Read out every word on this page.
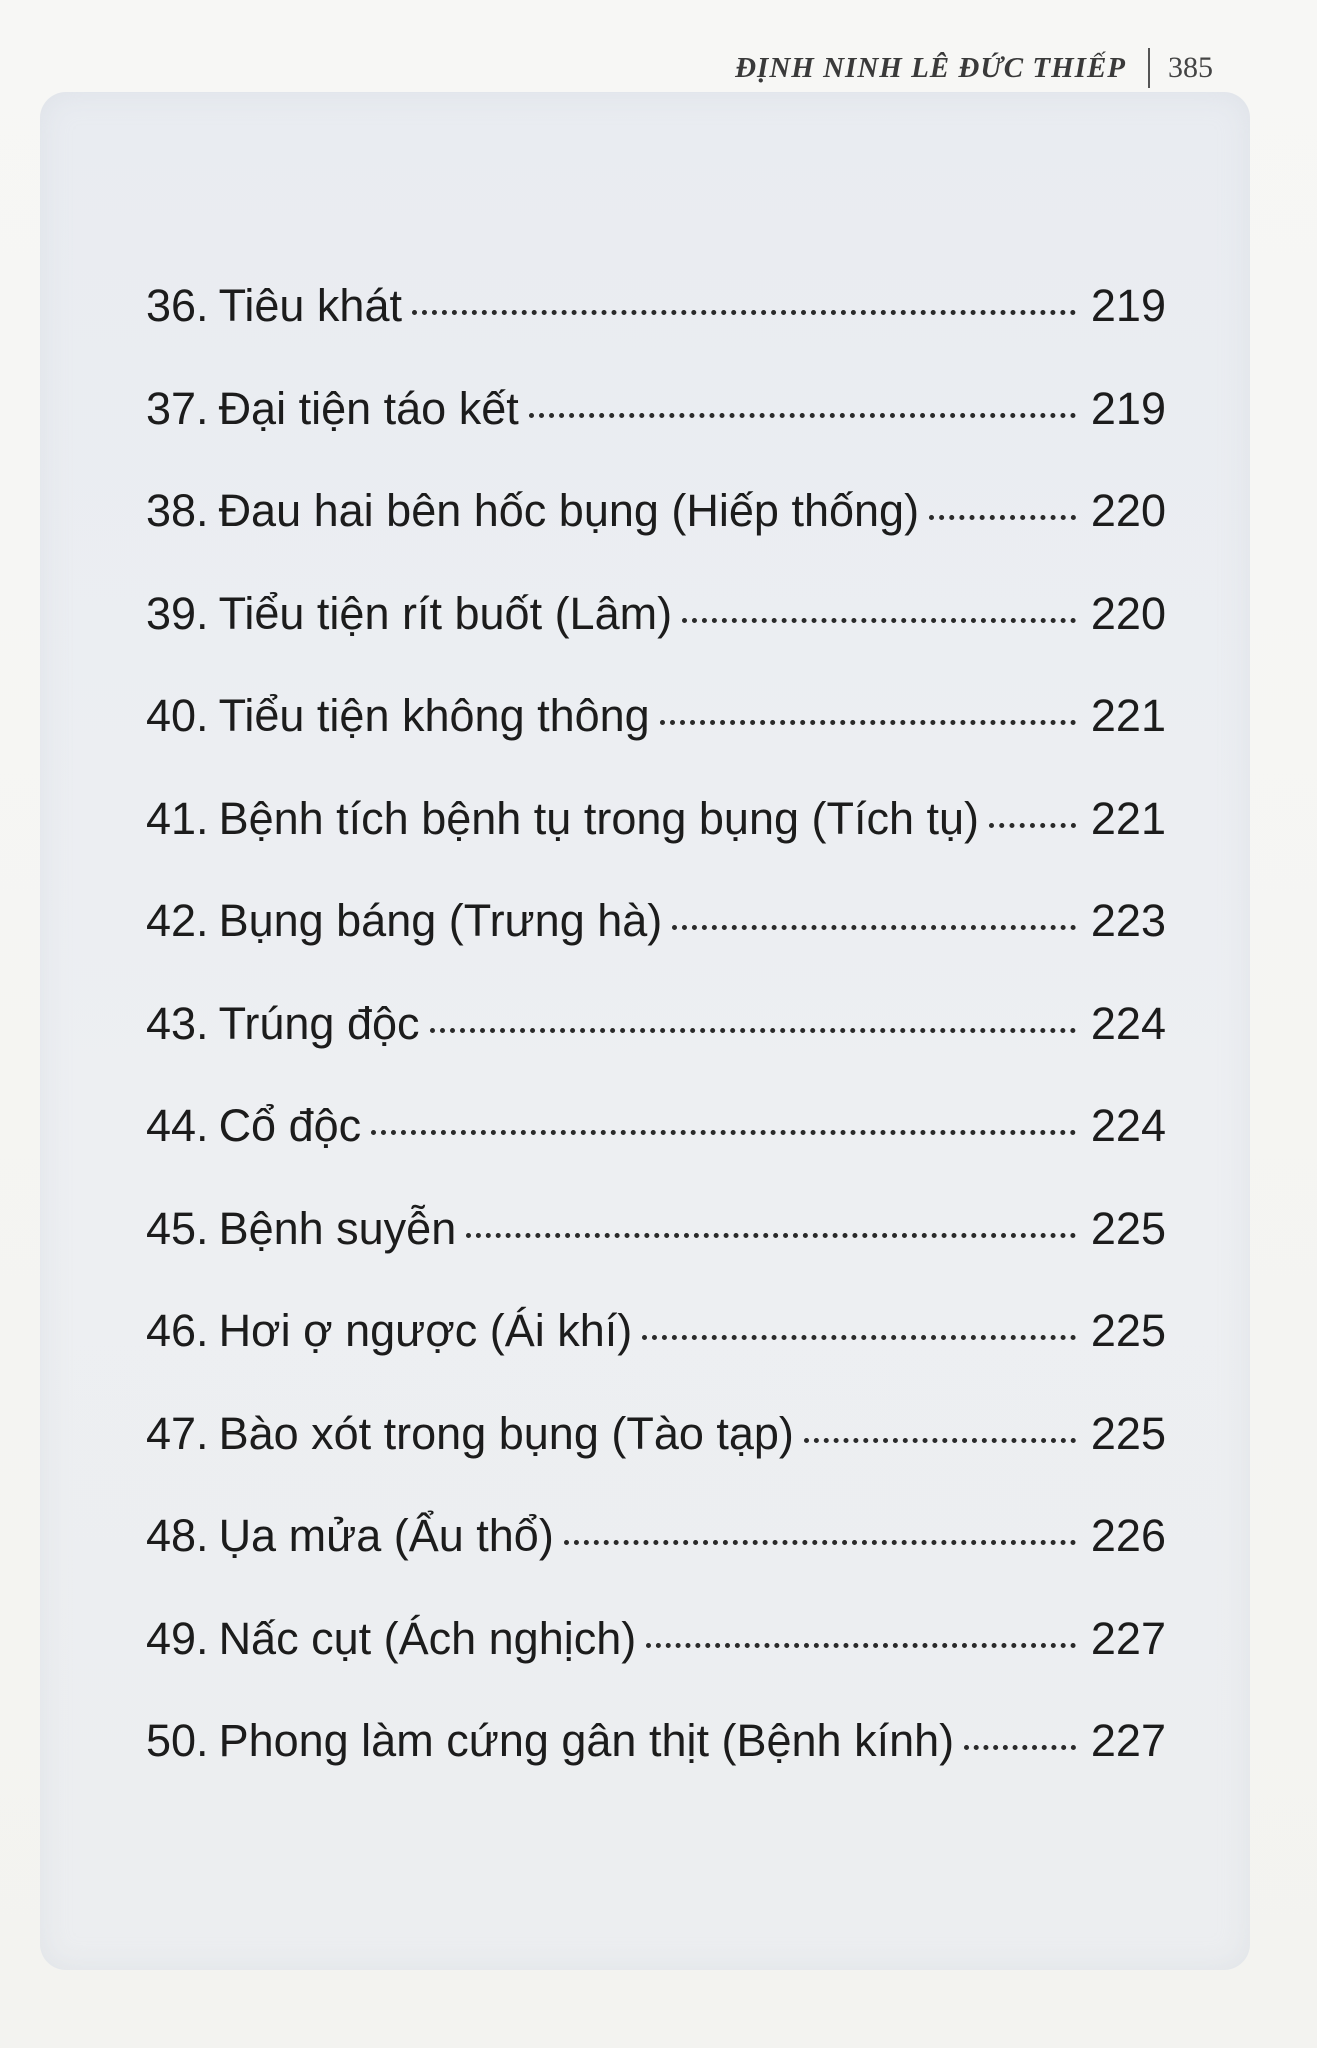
ĐỊNH NINH LÊ ĐỨC THIẾP 385
36. Tiêu khát	219
37. Đại tiện táo kết	219
38. Đau hai bên hốc bụng (Hiếp thống)	220
39. Tiểu tiện rít buốt (Lâm)	220
40. Tiểu tiện không thông	221
41. Bệnh tích bệnh tụ trong bụng (Tích tụ) 221
42. Bụng báng (Trưng hà)	223
43. Trúng độc	224
44. Cổ độc	224
45. Bệnh suyễn	225
46. Hơi ợ ngược (Ái khí)	225
47. Bào xót trong bụng (Tào tạp)	225
48. Ụa mửa (Ẩu thổ)	226
49. Nấc cụt (Ách nghịch)	227
50. Phong làm cứng gân thịt (Bệnh kính)	227
